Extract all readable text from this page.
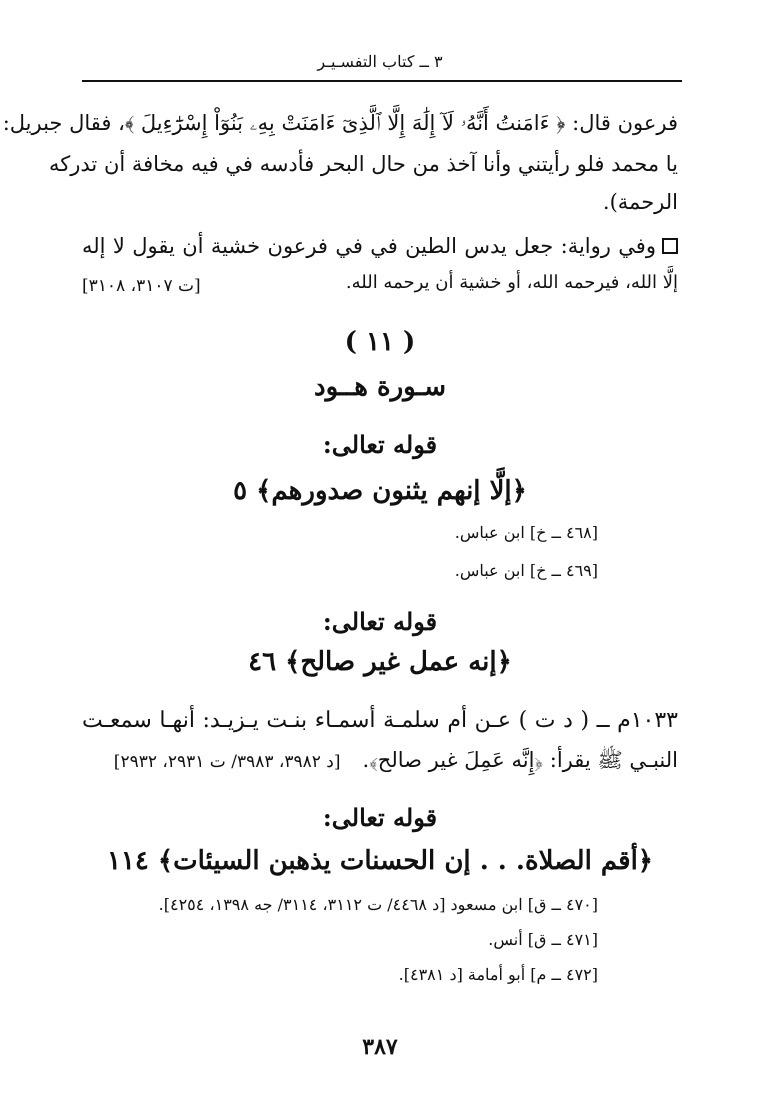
٣ ــ كتاب التفسـيـر
فرعون قال: ﴿ ءَامَنتُ أَنَّهُۥ لَآ إِلَٰهَ إِلَّا ٱلَّذِىٓ ءَامَنَتْ بِهِۦ بَنُوٓاْ إِسْرَٰٓءِيلَ ﴾، فقال جبريل:
يا محمد فلو رأيتني وأنا آخذ من حال البحر فأدسه في فيه مخافة أن تدركه
الرحمة).
وفي رواية: جعل يدس الطين في في فرعون خشية أن يقول لا إله
إلَّا الله، فيرحمه الله، أو خشية أن يرحمه الله.
[ت ٣١٠٧، ٣١٠٨]
( ١١ )
سـورة هــود
قوله تعالى:
﴿إلَّا إنهم يثنون صدورهم﴾ ٥
[٤٦٨ ــ خ] ابن عباس.
[٤٦٩ ــ خ] ابن عباس.
قوله تعالى:
﴿إنه عمل غير صالح﴾ ٤٦
١٠٣٣م ــ ( د ت ) عـن أم سلمـة أسمـاء بنـت يـزيـد: أنهـا سمعـت
النبـي ﷺ يقرأ: ﴿إِنَّه عَمِلَ غير صالح﴾.[د ٣٩٨٢، ٣٩٨٣/ ت ٢٩٣١، ٢٩٣٢]
قوله تعالى:
﴿أقم الصلاة. . . إن الحسنات يذهبن السيئات﴾ ١١٤
[٤٧٠ ــ ق] ابن مسعود [د ٤٤٦٨/ ت ٣١١٢، ٣١١٤/ جه ١٣٩٨، ٤٢٥٤].
[٤٧١ ــ ق] أنس.
[٤٧٢ ــ م] أبو أمامة [د ٤٣٨١].
٣٨٧
